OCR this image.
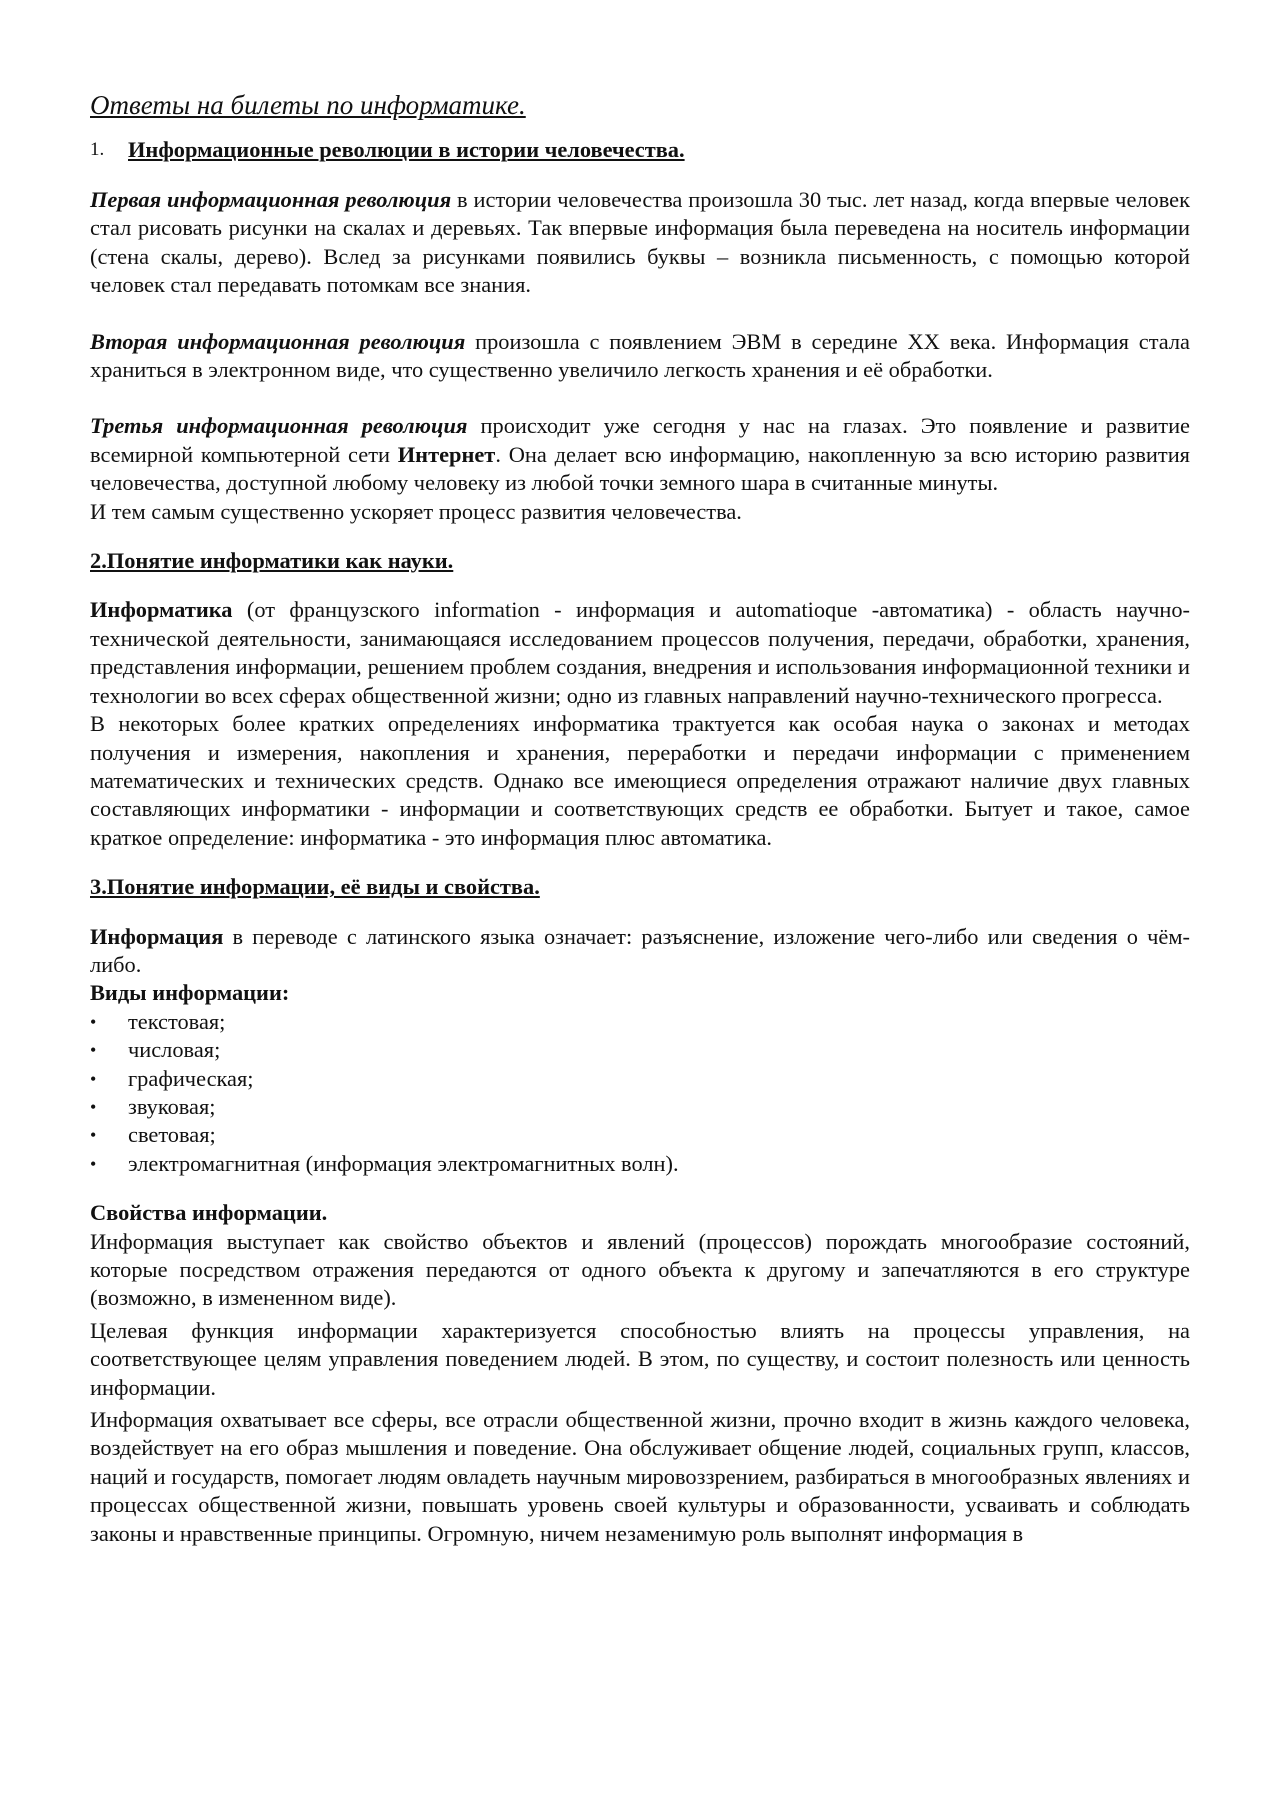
Ответы на билеты по информатике.
1.	Информационные революции в истории человечества.

Первая информационная революция в истории человечества произошла 30 тыс. лет назад, когда впервые человек стал рисовать рисунки на скалах и деревьях. Так впервые информация была переведена на носитель информации (стена скалы, дерево). Вслед за рисунками появились буквы – возникла письменность, с помощью которой человек стал передавать потомкам все знания.

Вторая информационная революция произошла с появлением ЭВМ в середине XX века. Информация стала храниться в электронном виде, что существенно увеличило легкость хранения и её обработки.

Третья информационная революция происходит уже сегодня у нас на глазах. Это появление и развитие всемирной компьютерной сети Интернет. Она делает всю информацию, накопленную за всю историю развития человечества, доступной любому человеку из любой точки земного шара в считанные минуты.

И тем самым существенно ускоряет процесс развития человечества.

2.Понятие информатики как науки.

Информатика (от французского information - информация и automatioque -автоматика) - область научно-технической деятельности, занимающаяся исследованием процессов получения, передачи, обработки, хранения, представления информации, решением проблем создания, внедрения и использования информационной техники и технологии во всех сферах общественной жизни; одно из главных направлений научно-технического прогресса.

В некоторых более кратких определениях информатика трактуется как особая наука о законах и методах получения и измерения, накопления и хранения, переработки и передачи информации с применением математических и технических средств. Однако все имеющиеся определения отражают наличие двух главных составляющих информатики - информации и соответствующих средств ее обработки. Бытует и такое, самое краткое определение: информатика - это информация плюс автоматика.

3.Понятие информации, её виды и свойства.

Информация в переводе с латинского языка означает: разъяснение, изложение чего-либо или сведения о чём-либо.

Виды информации:
•	текстовая;
•	числовая;
•	графическая;
•	звуковая;
•	световая;
•	электромагнитная (информация электромагнитных волн).
Свойства информации.

Информация выступает как свойство объектов и явлений (процессов) порождать многообразие состояний, которые посредством отражения передаются от одного объекта к другому и запечатляются в его структуре (возможно, в измененном виде).

Целевая функция информации характеризуется способностью влиять на процессы управления, на соответствующее целям управления поведением людей. В этом, по существу, и состоит полезность или ценность информации.

Информация охватывает все сферы, все отрасли общественной жизни, прочно входит в жизнь каждого человека, воздействует на его образ мышления и поведение. Она обслуживает общение людей, социальных групп, классов, наций и государств, помогает людям овладеть научным мировоззрением, разбираться в многообразных явлениях и процессах общественной жизни, повышать уровень своей культуры и образованности, усваивать и соблюдать законы и нравственные принципы. Огромную, ничем незаменимую роль выполнят информация в
